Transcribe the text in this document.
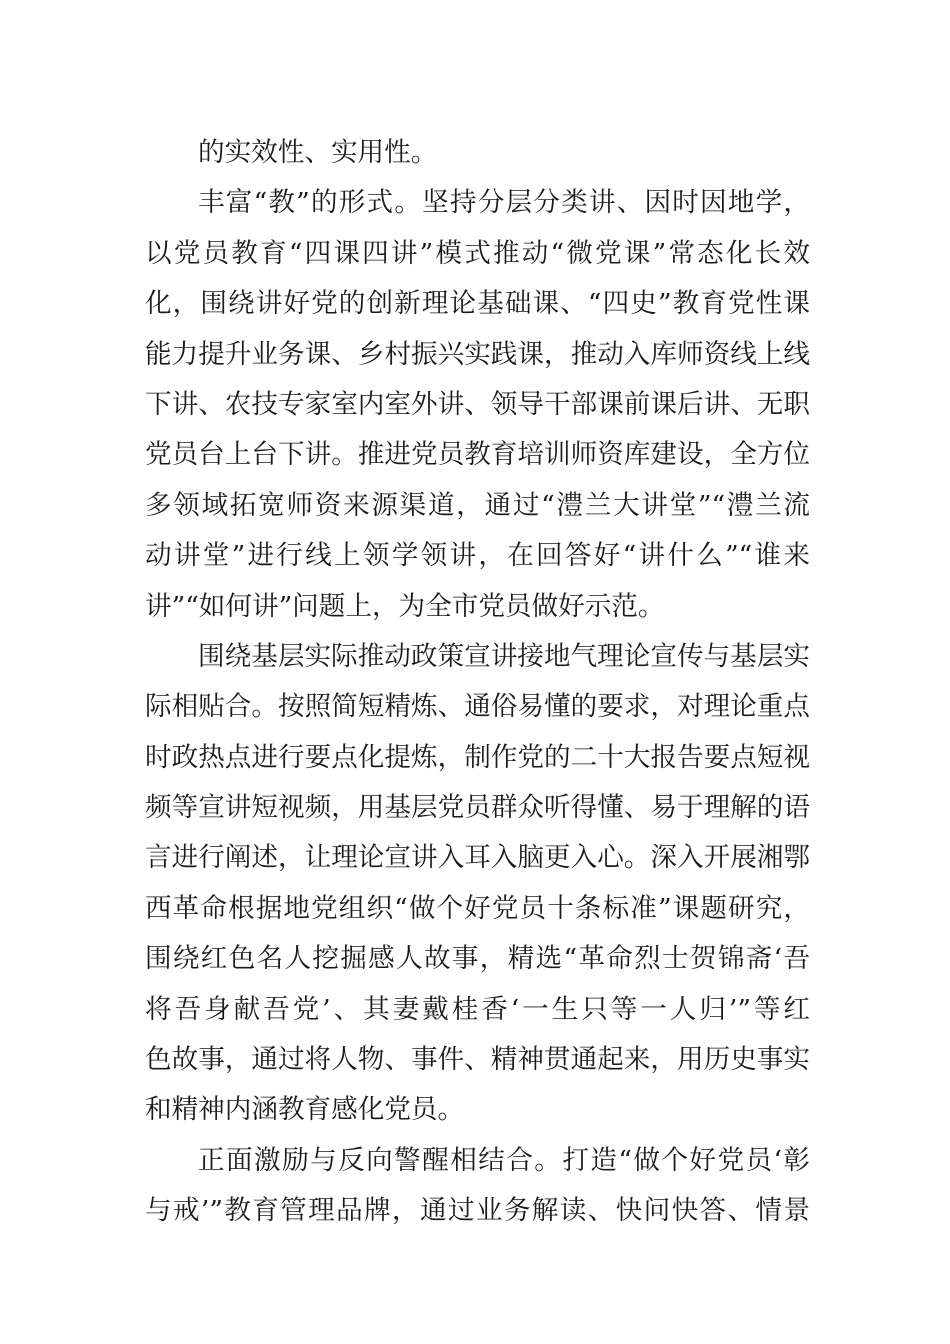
的实效性、实用性。
丰富“教”的形式。坚持分层分类讲、因时因地学，
以党员教育“四课四讲”模式推动“微党课”常态化长效
化，围绕讲好党的创新理论基础课、“四史”教育党性课
能力提升业务课、乡村振兴实践课，推动入库师资线上线
下讲、农技专家室内室外讲、领导干部课前课后讲、无职
党员台上台下讲。推进党员教育培训师资库建设，全方位
多领域拓宽师资来源渠道，通过“澧兰大讲堂”“澧兰流
动讲堂”进行线上领学领讲，在回答好“讲什么”“谁来
讲”“如何讲”问题上，为全市党员做好示范。
围绕基层实际推动政策宣讲接地气理论宣传与基层实
际相贴合。按照简短精炼、通俗易懂的要求，对理论重点
时政热点进行要点化提炼，制作党的二十大报告要点短视
频等宣讲短视频，用基层党员群众听得懂、易于理解的语
言进行阐述，让理论宣讲入耳入脑更入心。深入开展湘鄂
西革命根据地党组织“做个好党员十条标准”课题研究，
围绕红色名人挖掘感人故事，精选“革命烈士贺锦斋‘吾
将吾身献吾党’、其妻戴桂香‘一生只等一人归’”等红
色故事，通过将人物、事件、精神贯通起来，用历史事实
和精神内涵教育感化党员。
正面激励与反向警醒相结合。打造“做个好党员‘彰
与戒’”教育管理品牌，通过业务解读、快问快答、情景
